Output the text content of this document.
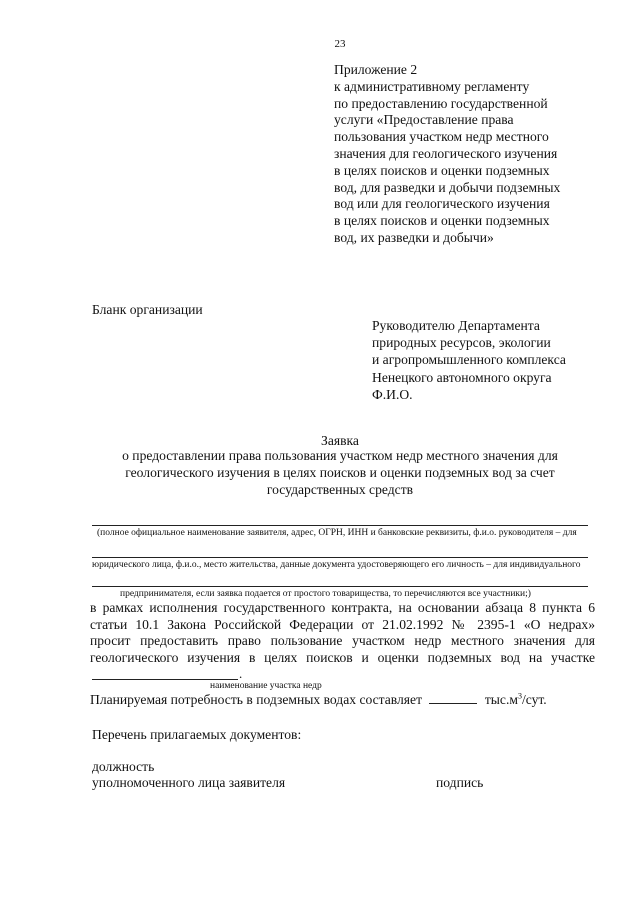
23
Приложение 2
к административному регламенту
по предоставлению государственной
услуги «Предоставление права
пользования участком недр местного
значения для геологического изучения
в целях поисков и оценки подземных
вод, для разведки и добычи подземных
вод или для геологического изучения
в целях поисков и оценки подземных
вод, их разведки и добычи»
Бланк организации
Руководителю Департамента
природных ресурсов, экологии
и агропромышленного комплекса
Ненецкого автономного округа
Ф.И.О.
Заявка
о предоставлении права пользования участком недр местного значения для
геологического изучения в целях поисков и оценки подземных вод за счет
государственных средств
(полное официальное наименование заявителя, адрес, ОГРН, ИНН и банковские реквизиты, ф.и.о. руководителя – для
юридического лица, ф.и.о., место жительства, данные документа удостоверяющего его личность – для индивидуального
предпринимателя, если заявка подается от простого товарищества, то перечисляются все участники;)
в рамках исполнения государственного контракта, на основании абзаца 8 пункта 6
статьи 10.1 Закона Российской Федерации от 21.02.1992 № 2395-1 «О недрах»
просит предоставить право пользование участком недр местного значения для
геологического изучения в целях поисков и оценки подземных вод на участке
.
наименование участка недр
Планируемая потребность в подземных водах составляет	$тыс.м^3$/сут.
Перечень прилагаемых документов:
должность
уполномоченного лица заявителя	подпись
